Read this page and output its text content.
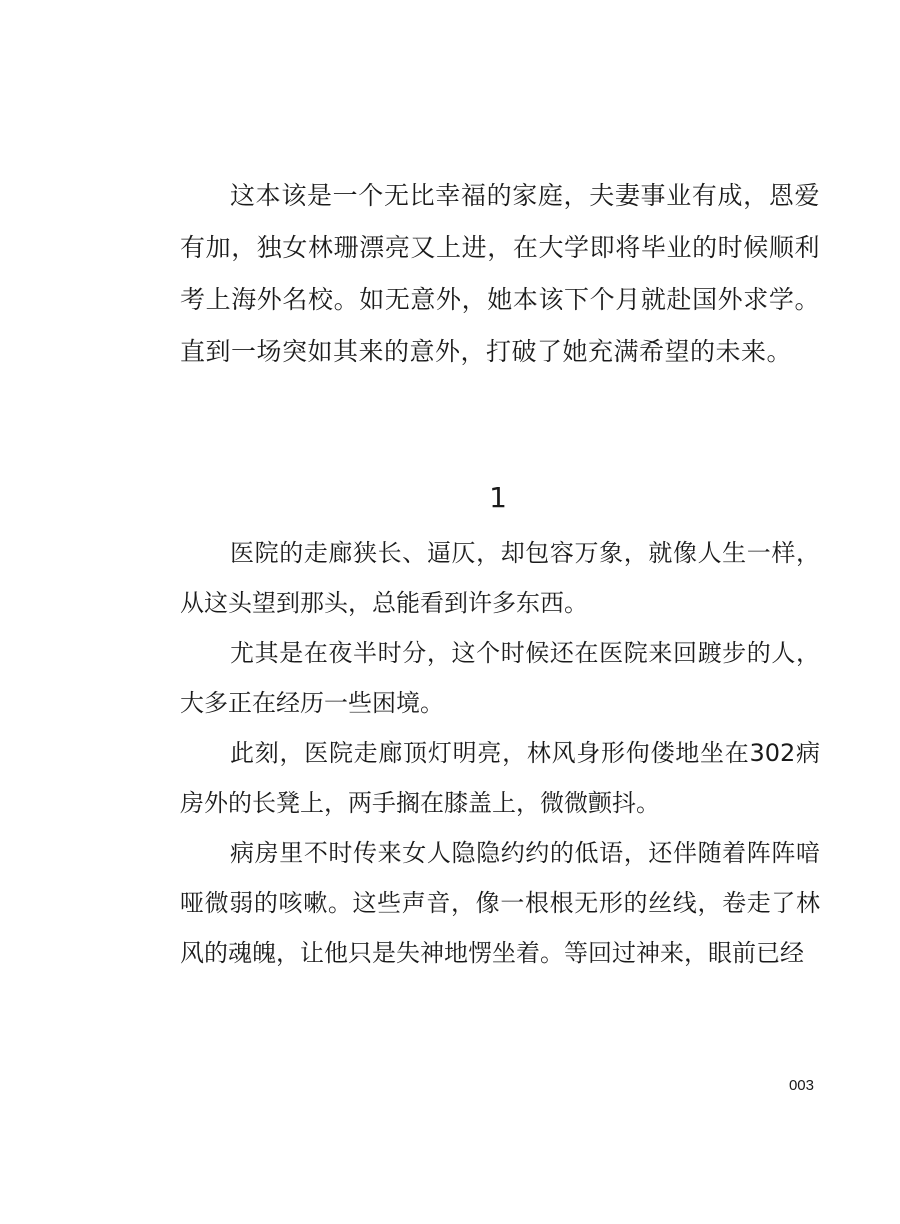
这本该是一个无比幸福的家庭，夫妻事业有成，恩爱有加，独女林珊漂亮又上进，在大学即将毕业的时候顺利考上海外名校。如无意外，她本该下个月就赴国外求学。直到一场突如其来的意外，打破了她充满希望的未来。

1

医院的走廊狭长、逼仄，却包容万象，就像人生一样，从这头望到那头，总能看到许多东西。

尤其是在夜半时分，这个时候还在医院来回踱步的人，大多正在经历一些困境。

此刻，医院走廊顶灯明亮，林风身形佝偻地坐在302病房外的长凳上，两手搁在膝盖上，微微颤抖。

病房里不时传来女人隐隐约约的低语，还伴随着阵阵喑哑微弱的咳嗽。这些声音，像一根根无形的丝线，卷走了林风的魂魄，让他只是失神地愣坐着。等回过神来，眼前已经

003
